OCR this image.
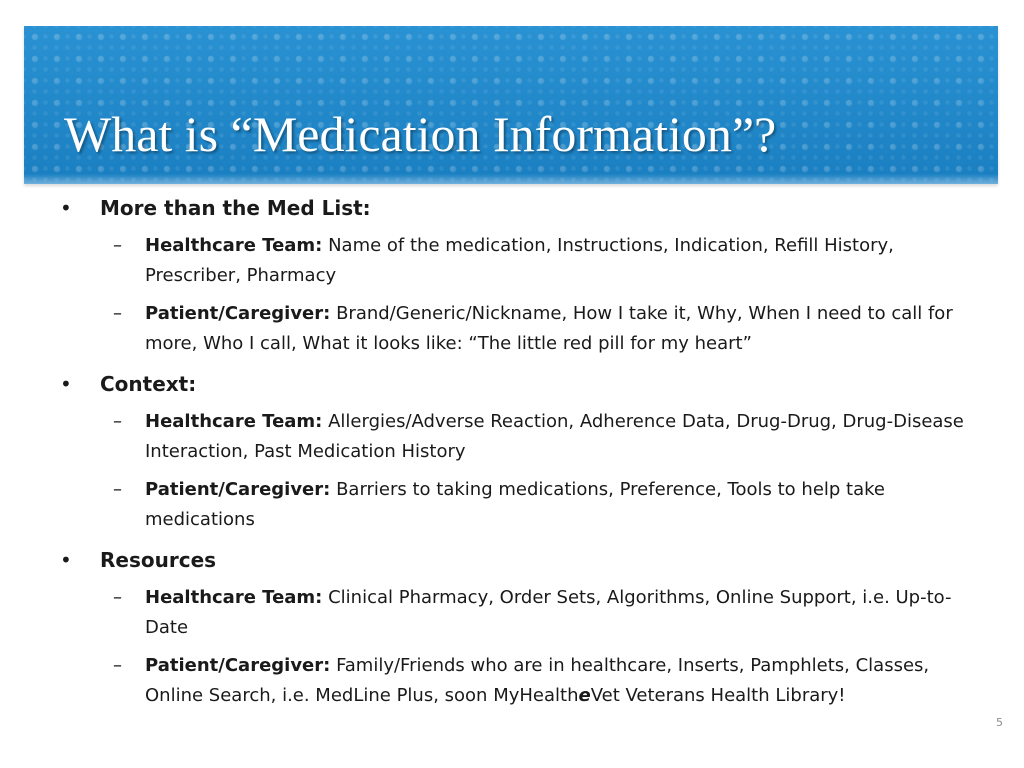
What is “Medication Information”?
• More than the Med List:
– Healthcare Team: Name of the medication, Instructions, Indication, Refill History, Prescriber, Pharmacy
– Patient/Caregiver: Brand/Generic/Nickname, How I take it, Why, When I need to call for more, Who I call, What it looks like: “The little red pill for my heart”
• Context:
– Healthcare Team: Allergies/Adverse Reaction, Adherence Data, Drug-Drug, Drug-Disease Interaction, Past Medication History
– Patient/Caregiver: Barriers to taking medications, Preference, Tools to help take medications
• Resources
– Healthcare Team: Clinical Pharmacy, Order Sets, Algorithms, Online Support, i.e. Up-to-Date
– Patient/Caregiver: Family/Friends who are in healthcare, Inserts, Pamphlets, Classes, Online Search, i.e. MedLine Plus, soon MyHealtheVet Veterans Health Library!
5
